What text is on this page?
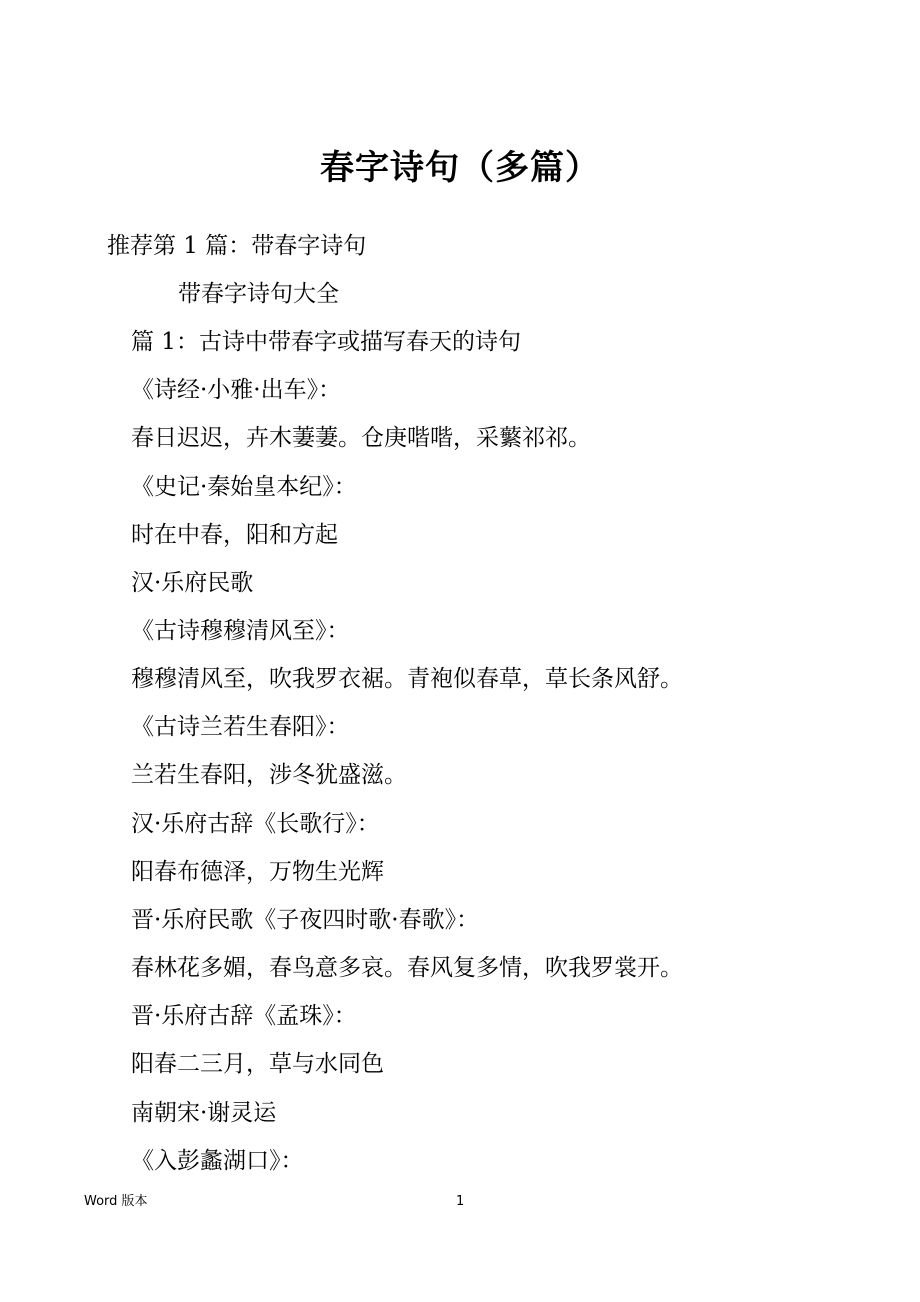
春字诗句（多篇）
推荐第 1 篇：带春字诗句
带春字诗句大全
篇 1：古诗中带春字或描写春天的诗句
《诗经·小雅·出车》：
春日迟迟，卉木萋萋。仓庚喈喈，采蘩祁祁。
《史记·秦始皇本纪》：
时在中春，阳和方起
汉·乐府民歌
《古诗穆穆清风至》：
穆穆清风至，吹我罗衣裾。青袍似春草，草长条风舒。
《古诗兰若生春阳》：
兰若生春阳，涉冬犹盛滋。
汉·乐府古辞《长歌行》：
阳春布德泽，万物生光辉
晋·乐府民歌《子夜四时歌·春歌》：
春林花多媚，春鸟意多哀。春风复多情，吹我罗裳开。
晋·乐府古辞《孟珠》：
阳春二三月，草与水同色
南朝宋·谢灵运
《入彭蠡湖口》：
Word 版本	1
